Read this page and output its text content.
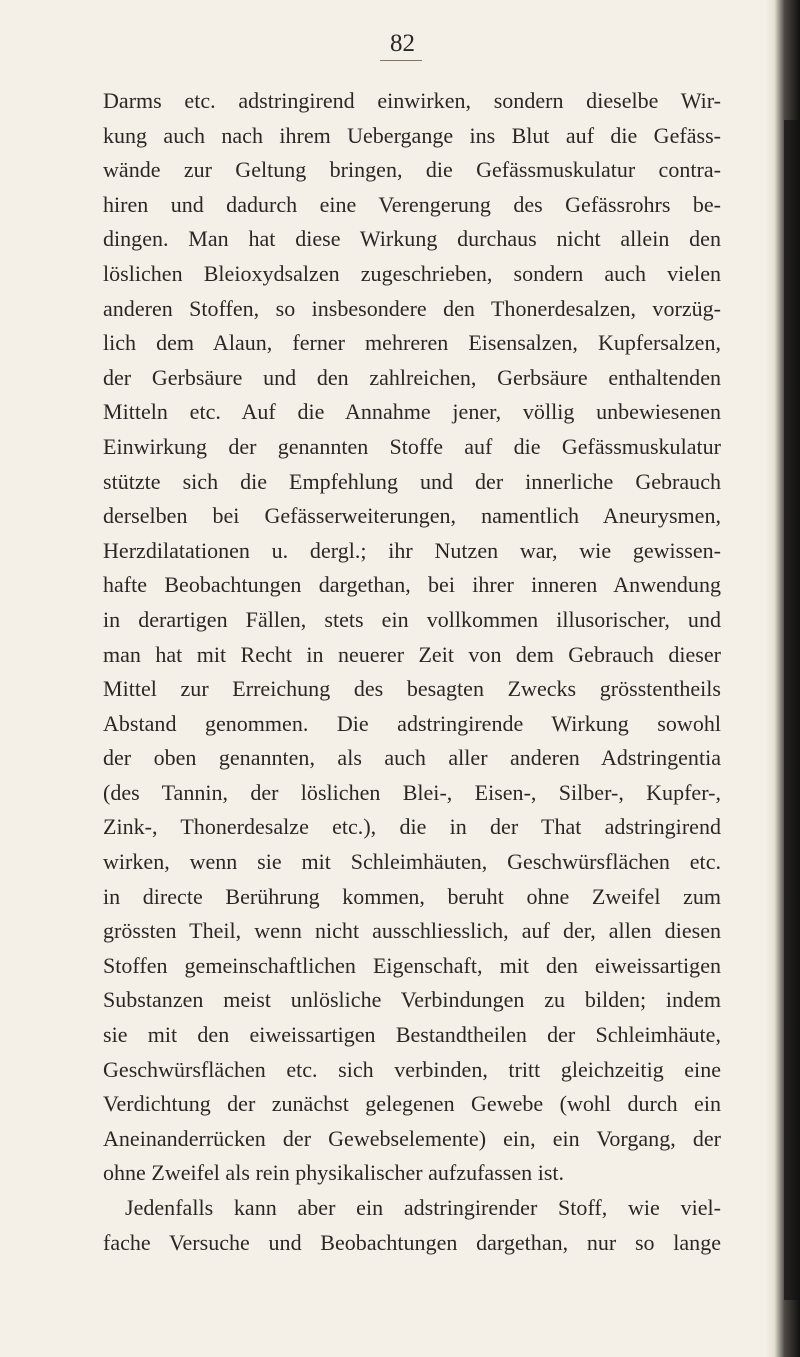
82
Darms etc. adstringirend einwirken, sondern dieselbe Wir-
kung auch nach ihrem Uebergange ins Blut auf die Gefäss-
wände zur Geltung bringen, die Gefässmuskulatur contra-
hiren und dadurch eine Verengerung des Gefässrohrs be-
dingen. Man hat diese Wirkung durchaus nicht allein den
löslichen Bleioxydsalzen zugeschrieben, sondern auch vielen
anderen Stoffen, so insbesondere den Thonerdesalzen, vorzüg-
lich dem Alaun, ferner mehreren Eisensalzen, Kupfersalzen,
der Gerbsäure und den zahlreichen, Gerbsäure enthaltenden
Mitteln etc. Auf die Annahme jener, völlig unbewiesenen
Einwirkung der genannten Stoffe auf die Gefässmuskulatur
stützte sich die Empfehlung und der innerliche Gebrauch
derselben bei Gefässerweiterungen, namentlich Aneurysmen,
Herzdilatationen u. dergl.; ihr Nutzen war, wie gewissen-
hafte Beobachtungen dargethan, bei ihrer inneren Anwendung
in derartigen Fällen, stets ein vollkommen illusorischer, und
man hat mit Recht in neuerer Zeit von dem Gebrauch dieser
Mittel zur Erreichung des besagten Zwecks grösstentheils
Abstand genommen. Die adstringirende Wirkung sowohl
der oben genannten, als auch aller anderen Adstringentia
(des Tannin, der löslichen Blei-, Eisen-, Silber-, Kupfer-,
Zink-, Thonerdesalze etc.), die in der That adstringirend
wirken, wenn sie mit Schleimhäuten, Geschwürsflächen etc.
in directe Berührung kommen, beruht ohne Zweifel zum
grössten Theil, wenn nicht ausschliesslich, auf der, allen diesen
Stoffen gemeinschaftlichen Eigenschaft, mit den eiweissartigen
Substanzen meist unlösliche Verbindungen zu bilden; indem
sie mit den eiweissartigen Bestandtheilen der Schleimhäute,
Geschwürsflächen etc. sich verbinden, tritt gleichzeitig eine
Verdichtung der zunächst gelegenen Gewebe (wohl durch ein
Aneinanderrücken der Gewebselemente) ein, ein Vorgang, der
ohne Zweifel als rein physikalischer aufzufassen ist.
Jedenfalls kann aber ein adstringirender Stoff, wie viel-
fache Versuche und Beobachtungen dargethan, nur so lange
